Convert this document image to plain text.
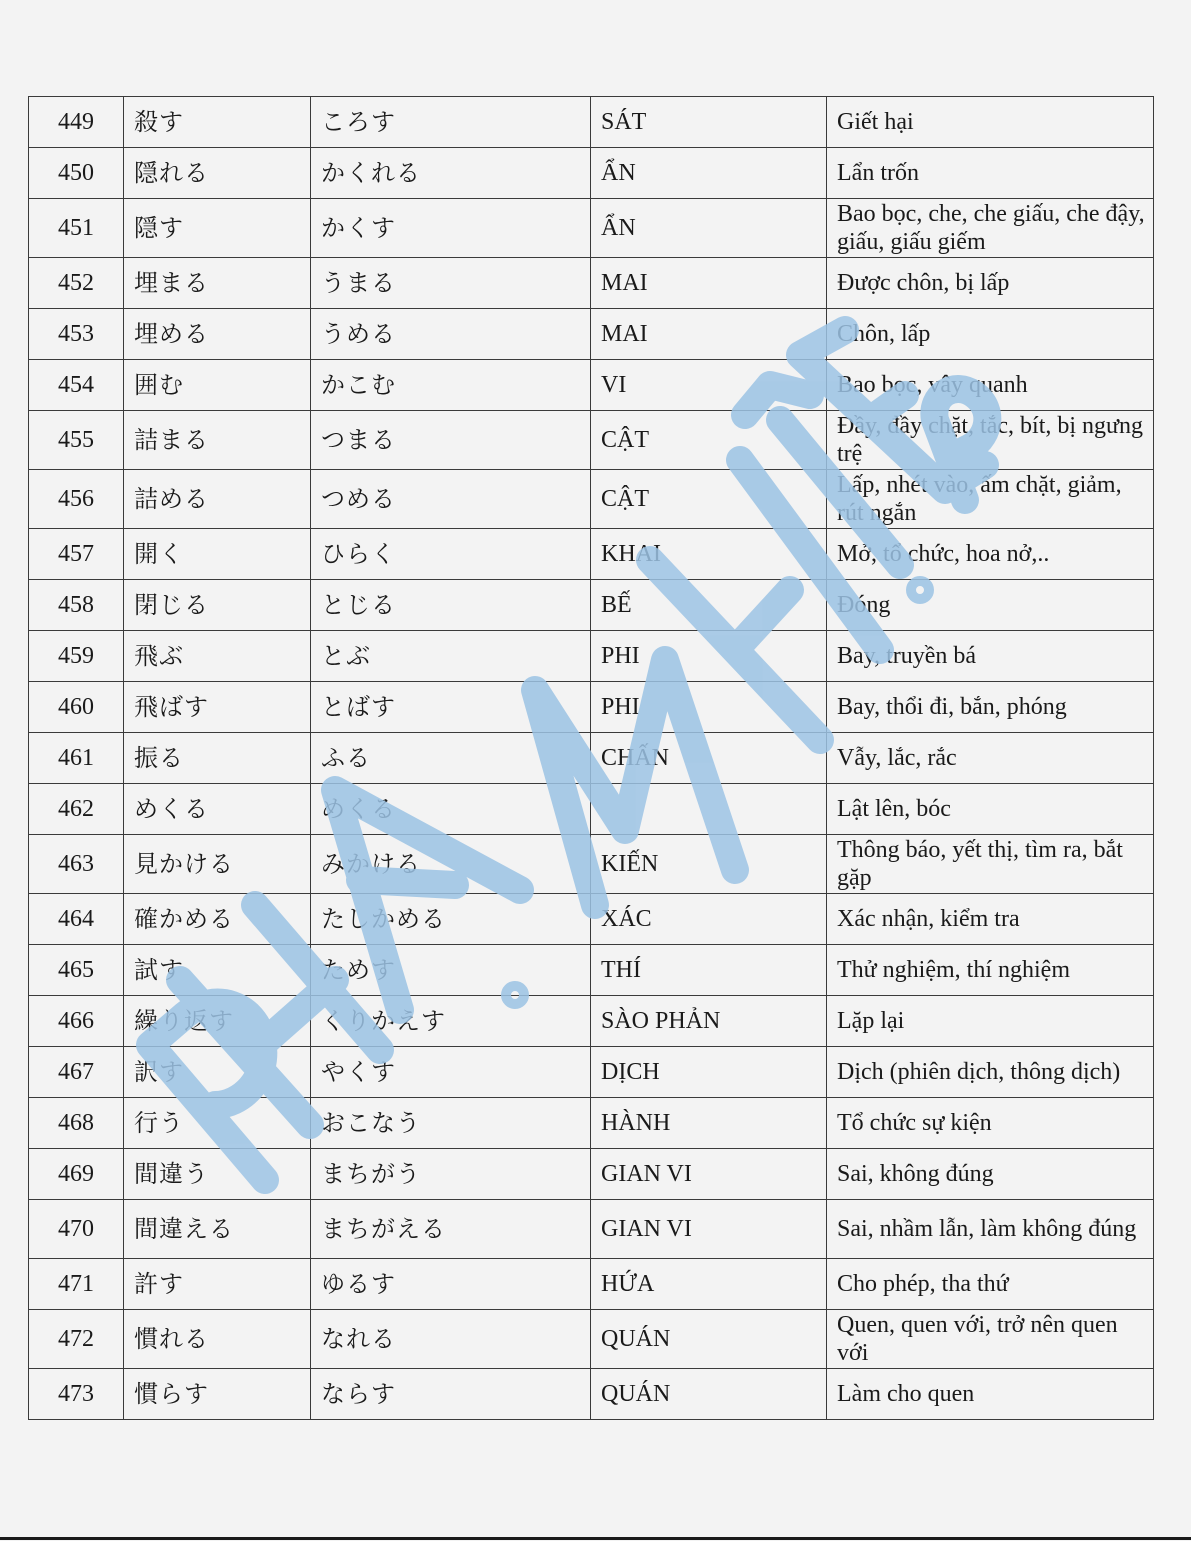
449	殺す	ころす	SÁT	Giết hại
450	隠れる	かくれる	ẨN	Lẩn trốn
451	隠す	かくす	ẨN	Bao bọc, che, che giấu, che đậy, giấu, giấu giếm
452	埋まる	うまる	MAI	Được chôn, bị lấp
453	埋める	うめる	MAI	Chôn, lấp
454	囲む	かこむ	VI	Bao bọc, vây quanh
455	詰まる	つまる	CẬT	Đầy, đầy chặt, tắc, bít, bị ngưng trệ
456	詰める	つめる	CẬT	Lấp, nhét vào, ấm chặt, giảm, rút ngắn
457	開く	ひらく	KHAI	Mở, tổ chức, hoa nở,..
458	閉じる	とじる	BẾ	Đóng
459	飛ぶ	とぶ	PHI	Bay, truyền bá
460	飛ばす	とばす	PHI	Bay, thổi đi, bắn, phóng
461	振る	ふる	CHẤN	Vẫy, lắc, rắc
462	めくる	めくる		Lật lên, bóc
463	見かける	みかける	KIẾN	Thông báo, yết thị, tìm ra, bắt gặp
464	確かめる	たしかめる	XÁC	Xác nhận, kiểm tra
465	試す	ためす	THÍ	Thử nghiệm, thí nghiệm
466	繰り返す	くりかえす	SÀO PHẢN	Lặp lại
467	訳す	やくす	DỊCH	Dịch (phiên dịch, thông dịch)
468	行う	おこなう	HÀNH	Tổ chức sự kiện
469	間違う	まちがう	GIAN VI	Sai, không đúng
470	間違える	まちがえる	GIAN VI	Sai, nhầm lẫn, làm không đúng
471	許す	ゆるす	HỨA	Cho phép, tha thứ
472	慣れる	なれる	QUÁN	Quen, quen với, trở nên quen với
473	慣らす	ならす	QUÁN	Làm cho quen
